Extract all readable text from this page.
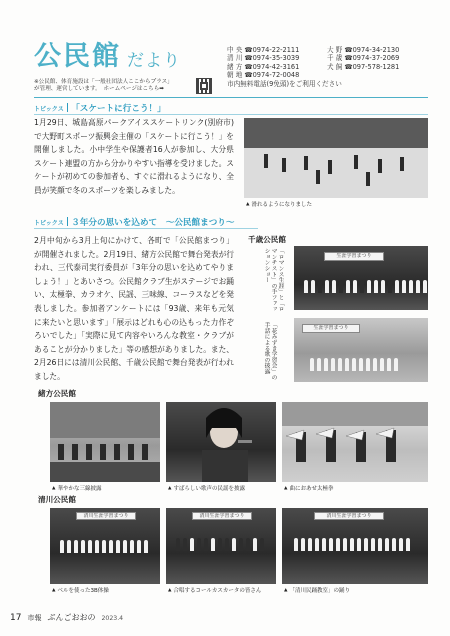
公民館 だより
中 央 ☎0974-22-2111	大 野 ☎0974-34-2130
清 川 ☎0974-35-3039	千 歳 ☎0974-37-2069
緒 方 ☎0974-42-3161	犬 飼 ☎097-578-1281
朝 地 ☎0974-72-0048
市内無料電話(9免頭)をご利用ください
※公民館、体育施設は「一般社団法人ここからプラス」
が管理、運営しています。　ホームページはこちら➡
トピックス 「スケートに行こう！」
1月29日、城島高原パークアイススケートリンク(別府市)で大野町スポーツ振興会主催の「スケートに行こう！」を開催しました。小中学生や保護者16人が参加し、大分県スケート連盟の方から分かりやすい指導を受けました。スケートが初めての参加者も、すぐに滑れるようになり、全員が笑顔で冬のスポーツを楽しみました。
▲ 滑れるようになりました
トピックス ３年分の思いを込めて　～公民館まつり～
2月中旬から3月上旬にかけて、各町で「公民館まつり」が開催されました。2月19日、緒方公民館で舞台発表が行われ、三代泰司実行委員が「3年分の思いを込めてやりましょう！」とあいさつ。公民館クラブ生がステージでお踊い、太極拳、カラオケ、民謡、三味線、コーラスなどを発表しました。参加者アンケートには「93歳、来年も元気に来たいと思います」「展示はどれも心の込もった力作ぞろいでした」「実際に見て内容やいろんな教室・クラブがあることが分かりました」等の感想がありました。また、2月26日には清川公民館、千歳公民館で舞台発表が行われました。
千歳公民館
生涯学習まつり
「ロマンス生涯」と「ロマンチスト」の手ファッションショー
生涯学習まつり
「花みずき学習会」の手話による歌の披露
緒方公民館
▲ 華やかな三線披露	▲ すばらしい歌声の民謡を披露	▲ 曲におあせ太極拳
清川公民館
清川生涯学習まつり
▲ ベルを使った3B体操
清川生涯学習まつり
▲ 合唱するコールカスカータの皆さん
清川生涯学習まつり
▲ 「清川民踊教室」の踊り
17 市報 ぶんごおおの 2023.4
